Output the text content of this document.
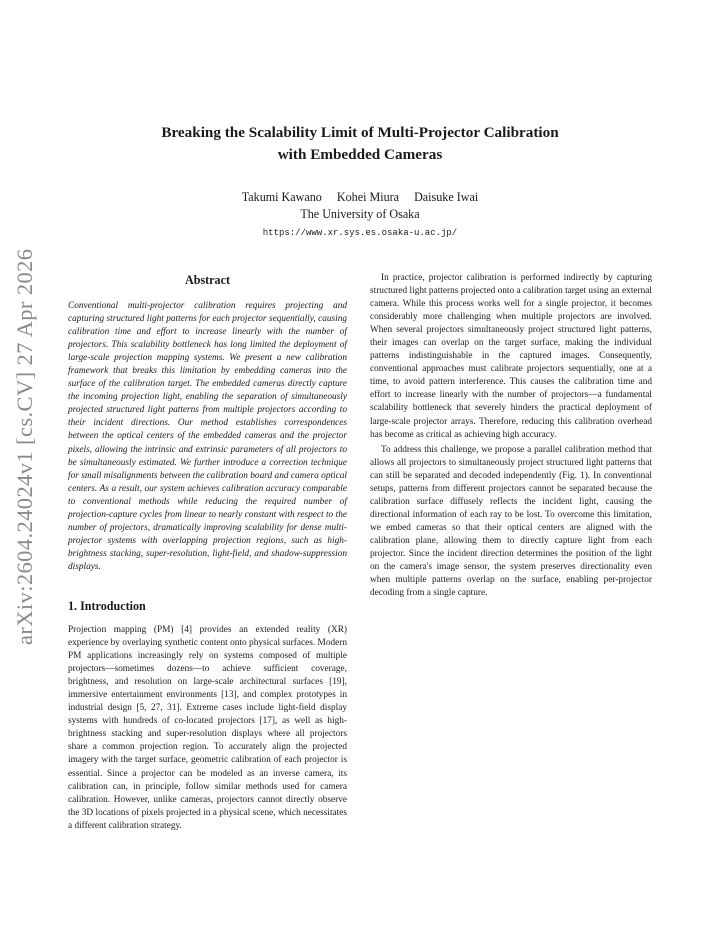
arXiv:2604.24024v1 [cs.CV] 27 Apr 2026
Breaking the Scalability Limit of Multi-Projector Calibration
with Embedded Cameras
Takumi Kawano Kohei Miura Daisuke Iwai
The University of Osaka
https://www.xr.sys.es.osaka-u.ac.jp/
Abstract

Conventional multi-projector calibration requires projecting and capturing structured light patterns for each projector sequentially, causing calibration time and effort to increase linearly with the number of projectors. This scalability bottleneck has long limited the deployment of large-scale projection mapping systems. We present a new calibration framework that breaks this limitation by embedding cameras into the surface of the calibration target. The embedded cameras directly capture the incoming projection light, enabling the separation of simultaneously projected structured light patterns from multiple projectors according to their incident directions. Our method establishes correspondences between the optical centers of the embedded cameras and the projector pixels, allowing the intrinsic and extrinsic parameters of all projectors to be simultaneously estimated. We further introduce a correction technique for small misalignments between the calibration board and camera optical centers. As a result, our system achieves calibration accuracy comparable to conventional methods while reducing the required number of projection-capture cycles from linear to nearly constant with respect to the number of projectors, dramatically improving scalability for dense multi-projector systems with overlapping projection regions, such as high-brightness stacking, super-resolution, light-field, and shadow-suppression displays.

1. Introduction

Projection mapping (PM) [4] provides an extended reality (XR) experience by overlaying synthetic content onto physical surfaces. Modern PM applications increasingly rely on systems composed of multiple projectors—sometimes dozens—to achieve sufficient coverage, brightness, and resolution on large-scale architectural surfaces [19], immersive entertainment environments [13], and complex prototypes in industrial design [5, 27, 31]. Extreme cases include light-field display systems with hundreds of co-located projectors [17], as well as high-brightness stacking and super-resolution displays where all projectors share a common projection region. To accurately align the projected imagery with the target surface, geometric calibration of each projector is essential. Since a projector can be modeled as an inverse camera, its calibration can, in principle, follow similar methods used for camera calibration. However, unlike cameras, projectors cannot directly observe the 3D locations of pixels projected in a physical scene, which necessitates a different calibration strategy.

In practice, projector calibration is performed indirectly by capturing structured light patterns projected onto a calibration target using an external camera. While this process works well for a single projector, it becomes considerably more challenging when multiple projectors are involved. When several projectors simultaneously project structured light patterns, their images can overlap on the target surface, making the individual patterns indistinguishable in the captured images. Consequently, conventional approaches must calibrate projectors sequentially, one at a time, to avoid pattern interference. This causes the calibration time and effort to increase linearly with the number of projectors—a fundamental scalability bottleneck that severely hinders the practical deployment of large-scale projector arrays. Therefore, reducing this calibration overhead has become as critical as achieving high accuracy.

To address this challenge, we propose a parallel calibration method that allows all projectors to simultaneously project structured light patterns that can still be separated and decoded independently (Fig. 1). In conventional setups, patterns from different projectors cannot be separated because the calibration surface diffusely reflects the incident light, causing the directional information of each ray to be lost. To overcome this limitation, we embed cameras so that their optical centers are aligned with the calibration plane, allowing them to directly capture light from each projector. Since the incident direction determines the position of the light on the camera's image sensor, the system preserves directionality even when multiple patterns overlap on the surface, enabling per-projector decoding from a single capture.
